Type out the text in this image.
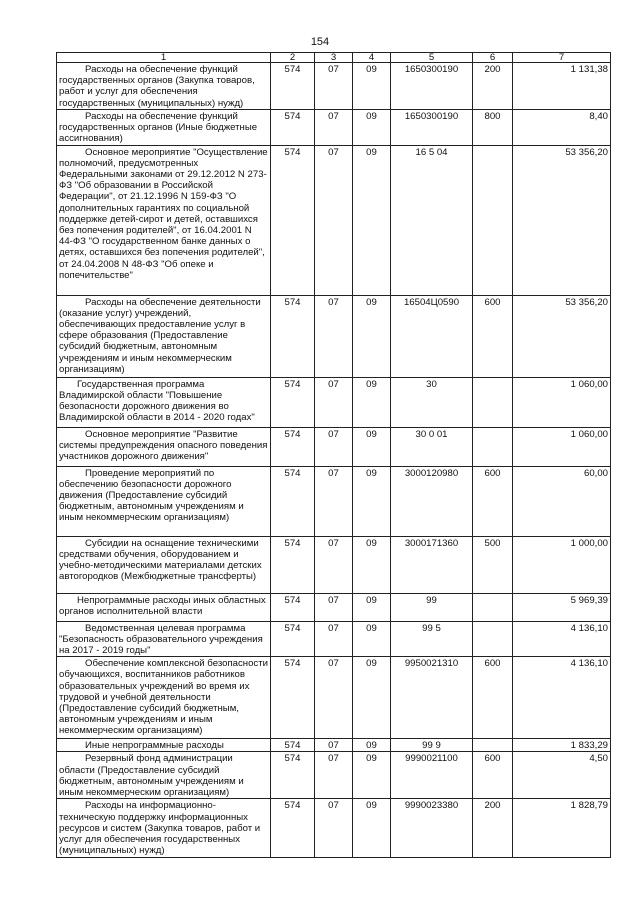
154
1	2	3	4	5	6	7
Расходы на обеспечение функций государственных органов (Закупка товаров, работ и услуг для обеспечения государственных (муниципальных) нужд)	574	07	09	1650300190	200	1 131,38
Расходы на обеспечение функций государственных органов (Иные бюджетные ассигнования)	574	07	09	1650300190	800	8,40
Основное мероприятие "Осуществление полномочий, предусмотренных Федеральными законами от 29.12.2012 N 273-ФЗ "Об образовании в Российской Федерации", от 21.12.1996 N 159-ФЗ "О дополнительных гарантиях по социальной поддержке детей-сирот и детей, оставшихся без попечения родителей", от 16.04.2001 N 44-ФЗ "О государственном банке данных о детях, оставшихся без попечения родителей", от 24.04.2008 N 48-ФЗ "Об опеке и попечительстве"	574	07	09	16 5 04		53 356,20
Расходы на обеспечение деятельности (оказание услуг) учреждений, обеспечивающих предоставление услуг в сфере образования (Предоставление субсидий бюджетным, автономным учреждениям и иным некоммерческим организациям)	574	07	09	16504Ц0590	600	53 356,20
Государственная программа Владимирской области "Повышение безопасности дорожного движения во Владимирской области в 2014 - 2020 годах"	574	07	09	30		1 060,00
Основное мероприятие "Развитие системы предупреждения опасного поведения участников дорожного движения"	574	07	09	30 0 01		1 060,00
Проведение мероприятий по обеспечению безопасности дорожного движения (Предоставление субсидий бюджетным, автономным учреждениям и иным некоммерческим организациям)	574	07	09	3000120980	600	60,00
Субсидии на оснащение техническими средствами обучения, оборудованием и учебно-методическими материалами детских автогородков (Межбюджетные трансферты)	574	07	09	3000171360	500	1 000,00
Непрограммные расходы иных областных органов исполнительной власти	574	07	09	99		5 969,39
Ведомственная целевая программа "Безопасность образовательного учреждения на 2017 - 2019 годы"	574	07	09	99 5		4 136,10
Обеспечение комплексной безопасности обучающихся, воспитанников работников образовательных учреждений во время их трудовой и учебной деятельности (Предоставление субсидий бюджетным, автономным учреждениям и иным некоммерческим организациям)	574	07	09	9950021310	600	4 136,10
Иные непрограммные расходы	574	07	09	99 9		1 833,29
Резервный фонд администрации области (Предоставление субсидий бюджетным, автономным учреждениям и иным некоммерческим организациям)	574	07	09	9990021100	600	4,50
Расходы на информационно-техническую поддержку информационных ресурсов и систем (Закупка товаров, работ и услуг для обеспечения государственных (муниципальных) нужд)	574	07	09	9990023380	200	1 828,79
